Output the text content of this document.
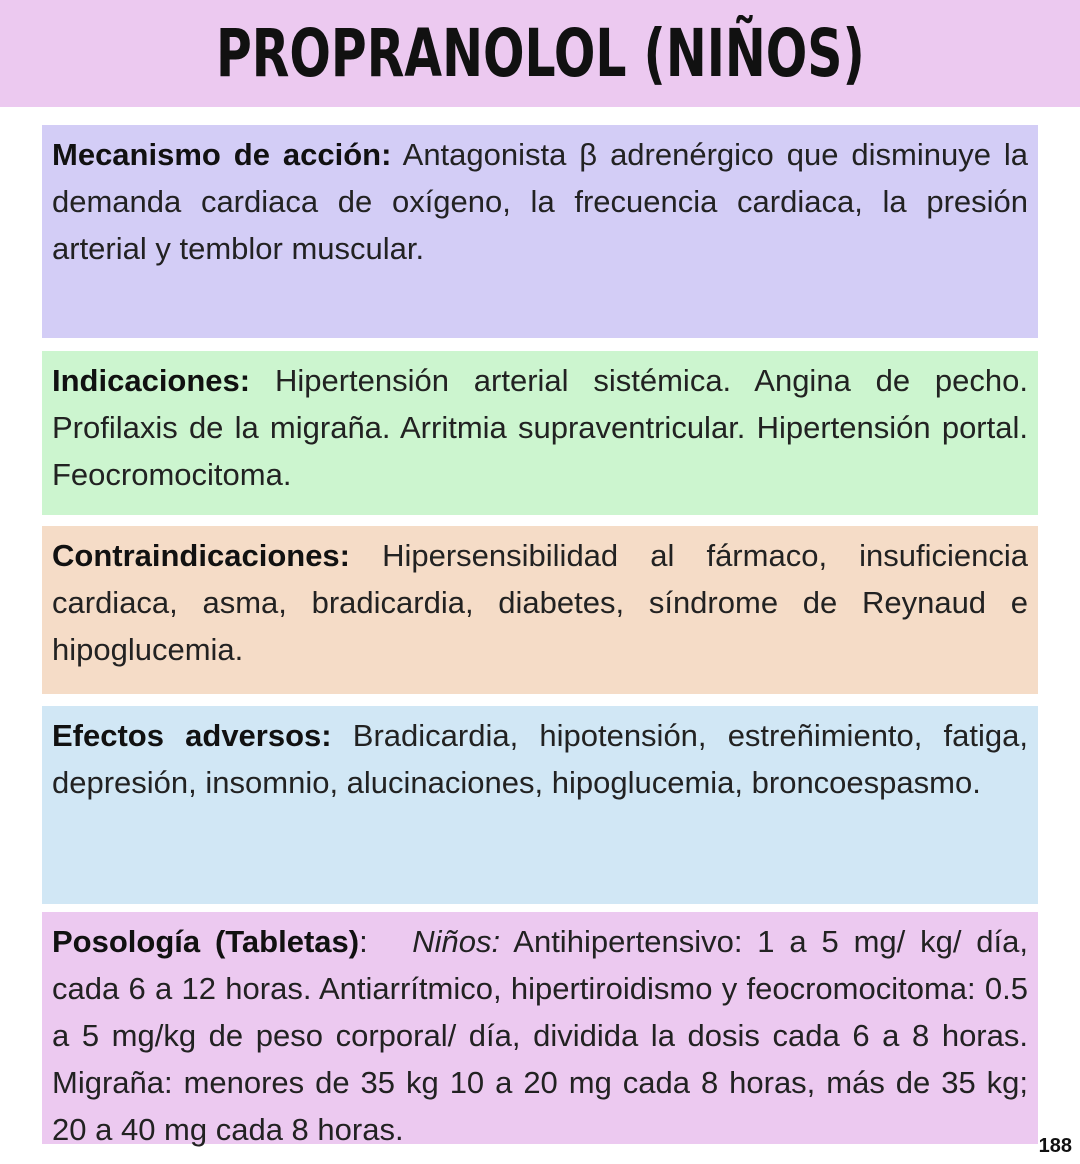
PROPRANOLOL (NIÑOS)

Mecanismo de acción: Antagonista β adrenérgico que disminuye la demanda cardiaca de oxígeno, la frecuencia cardiaca, la presión arterial y temblor muscular.

Indicaciones: Hipertensión arterial sistémica. Angina de pecho. Profilaxis de la migraña. Arritmia supraventricular. Hipertensión portal. Feocromocitoma.

Contraindicaciones: Hipersensibilidad al fármaco, insuficiencia cardiaca, asma, bradicardia, diabetes, síndrome de Reynaud e hipoglucemia.

Efectos adversos: Bradicardia, hipotensión, estreñimiento, fatiga, depresión, insomnio, alucinaciones, hipoglucemia, broncoespasmo.

Posología (Tabletas): Niños: Antihipertensivo: 1 a 5 mg/ kg/ día, cada 6 a 12 horas. Antiarrítmico, hipertiroidismo y feocromocitoma: 0.5 a 5 mg/kg de peso corporal/ día, dividida la dosis cada 6 a 8 horas. Migraña: menores de 35 kg 10 a 20 mg cada 8 horas, más de 35 kg; 20 a 40 mg cada 8 horas.	188
